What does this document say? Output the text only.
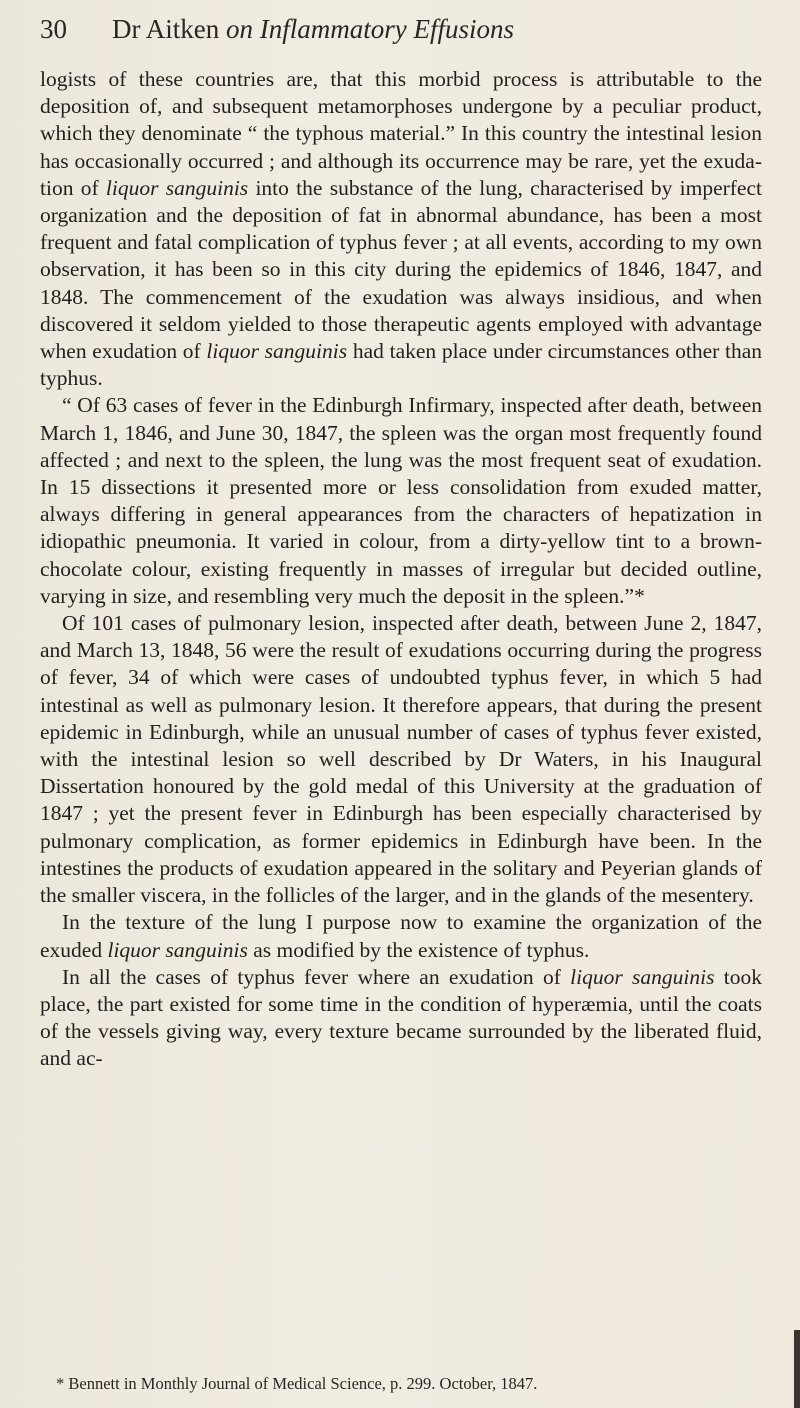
30 Dr Aitken on Inflammatory Effusions

logists of these countries are, that this morbid process is attributable to the deposition of, and subsequent metamorphoses undergone by a peculiar product, which they denominate “ the typhous material.” In this country the intestinal lesion has occasionally occurred ; and although its occurrence may be rare, yet the exudation of liquor sanguinis into the substance of the lung, characterised by imperfect organization and the deposition of fat in abnormal abundance, has been a most frequent and fatal complication of typhus fever ; at all events, according to my own observation, it has been so in this city during the epidemics of 1846, 1847, and 1848. The commencement of the exudation was always insidious, and when discovered it seldom yielded to those therapeutic agents employed with advantage when exudation of liquor sanguinis had taken place under circumstances other than typhus.

“ Of 63 cases of fever in the Edinburgh Infirmary, inspected after death, between March 1, 1846, and June 30, 1847, the spleen was the organ most frequently found affected ; and next to the spleen, the lung was the most frequent seat of exudation. In 15 dissections it presented more or less consolidation from exuded matter, always differing in general appearances from the characters of hepatization in idiopathic pneumonia. It varied in colour, from a dirty-yellow tint to a brown-chocolate colour, existing frequently in masses of irregular but decided outline, varying in size, and resembling very much the deposit in the spleen.”*

Of 101 cases of pulmonary lesion, inspected after death, between June 2, 1847, and March 13, 1848, 56 were the result of exudations occurring during the progress of fever, 34 of which were cases of undoubted typhus fever, in which 5 had intestinal as well as pulmonary lesion. It therefore appears, that during the present epidemic in Edinburgh, while an unusual number of cases of typhus fever existed, with the intestinal lesion so well described by Dr Waters, in his Inaugural Dissertation honoured by the gold medal of this University at the graduation of 1847 ; yet the present fever in Edinburgh has been especially characterised by pulmonary complication, as former epidemics in Edinburgh have been. In the intestines the products of exudation appeared in the solitary and Peyerian glands of the smaller viscera, in the follicles of the larger, and in the glands of the mesentery.

In the texture of the lung I purpose now to examine the organization of the exuded liquor sanguinis as modified by the existence of typhus.

In all the cases of typhus fever where an exudation of liquor sanguinis took place, the part existed for some time in the condition of hyperæmia, until the coats of the vessels giving way, every texture became surrounded by the liberated fluid, and ac-

* Bennett in Monthly Journal of Medical Science, p. 299. October, 1847.
